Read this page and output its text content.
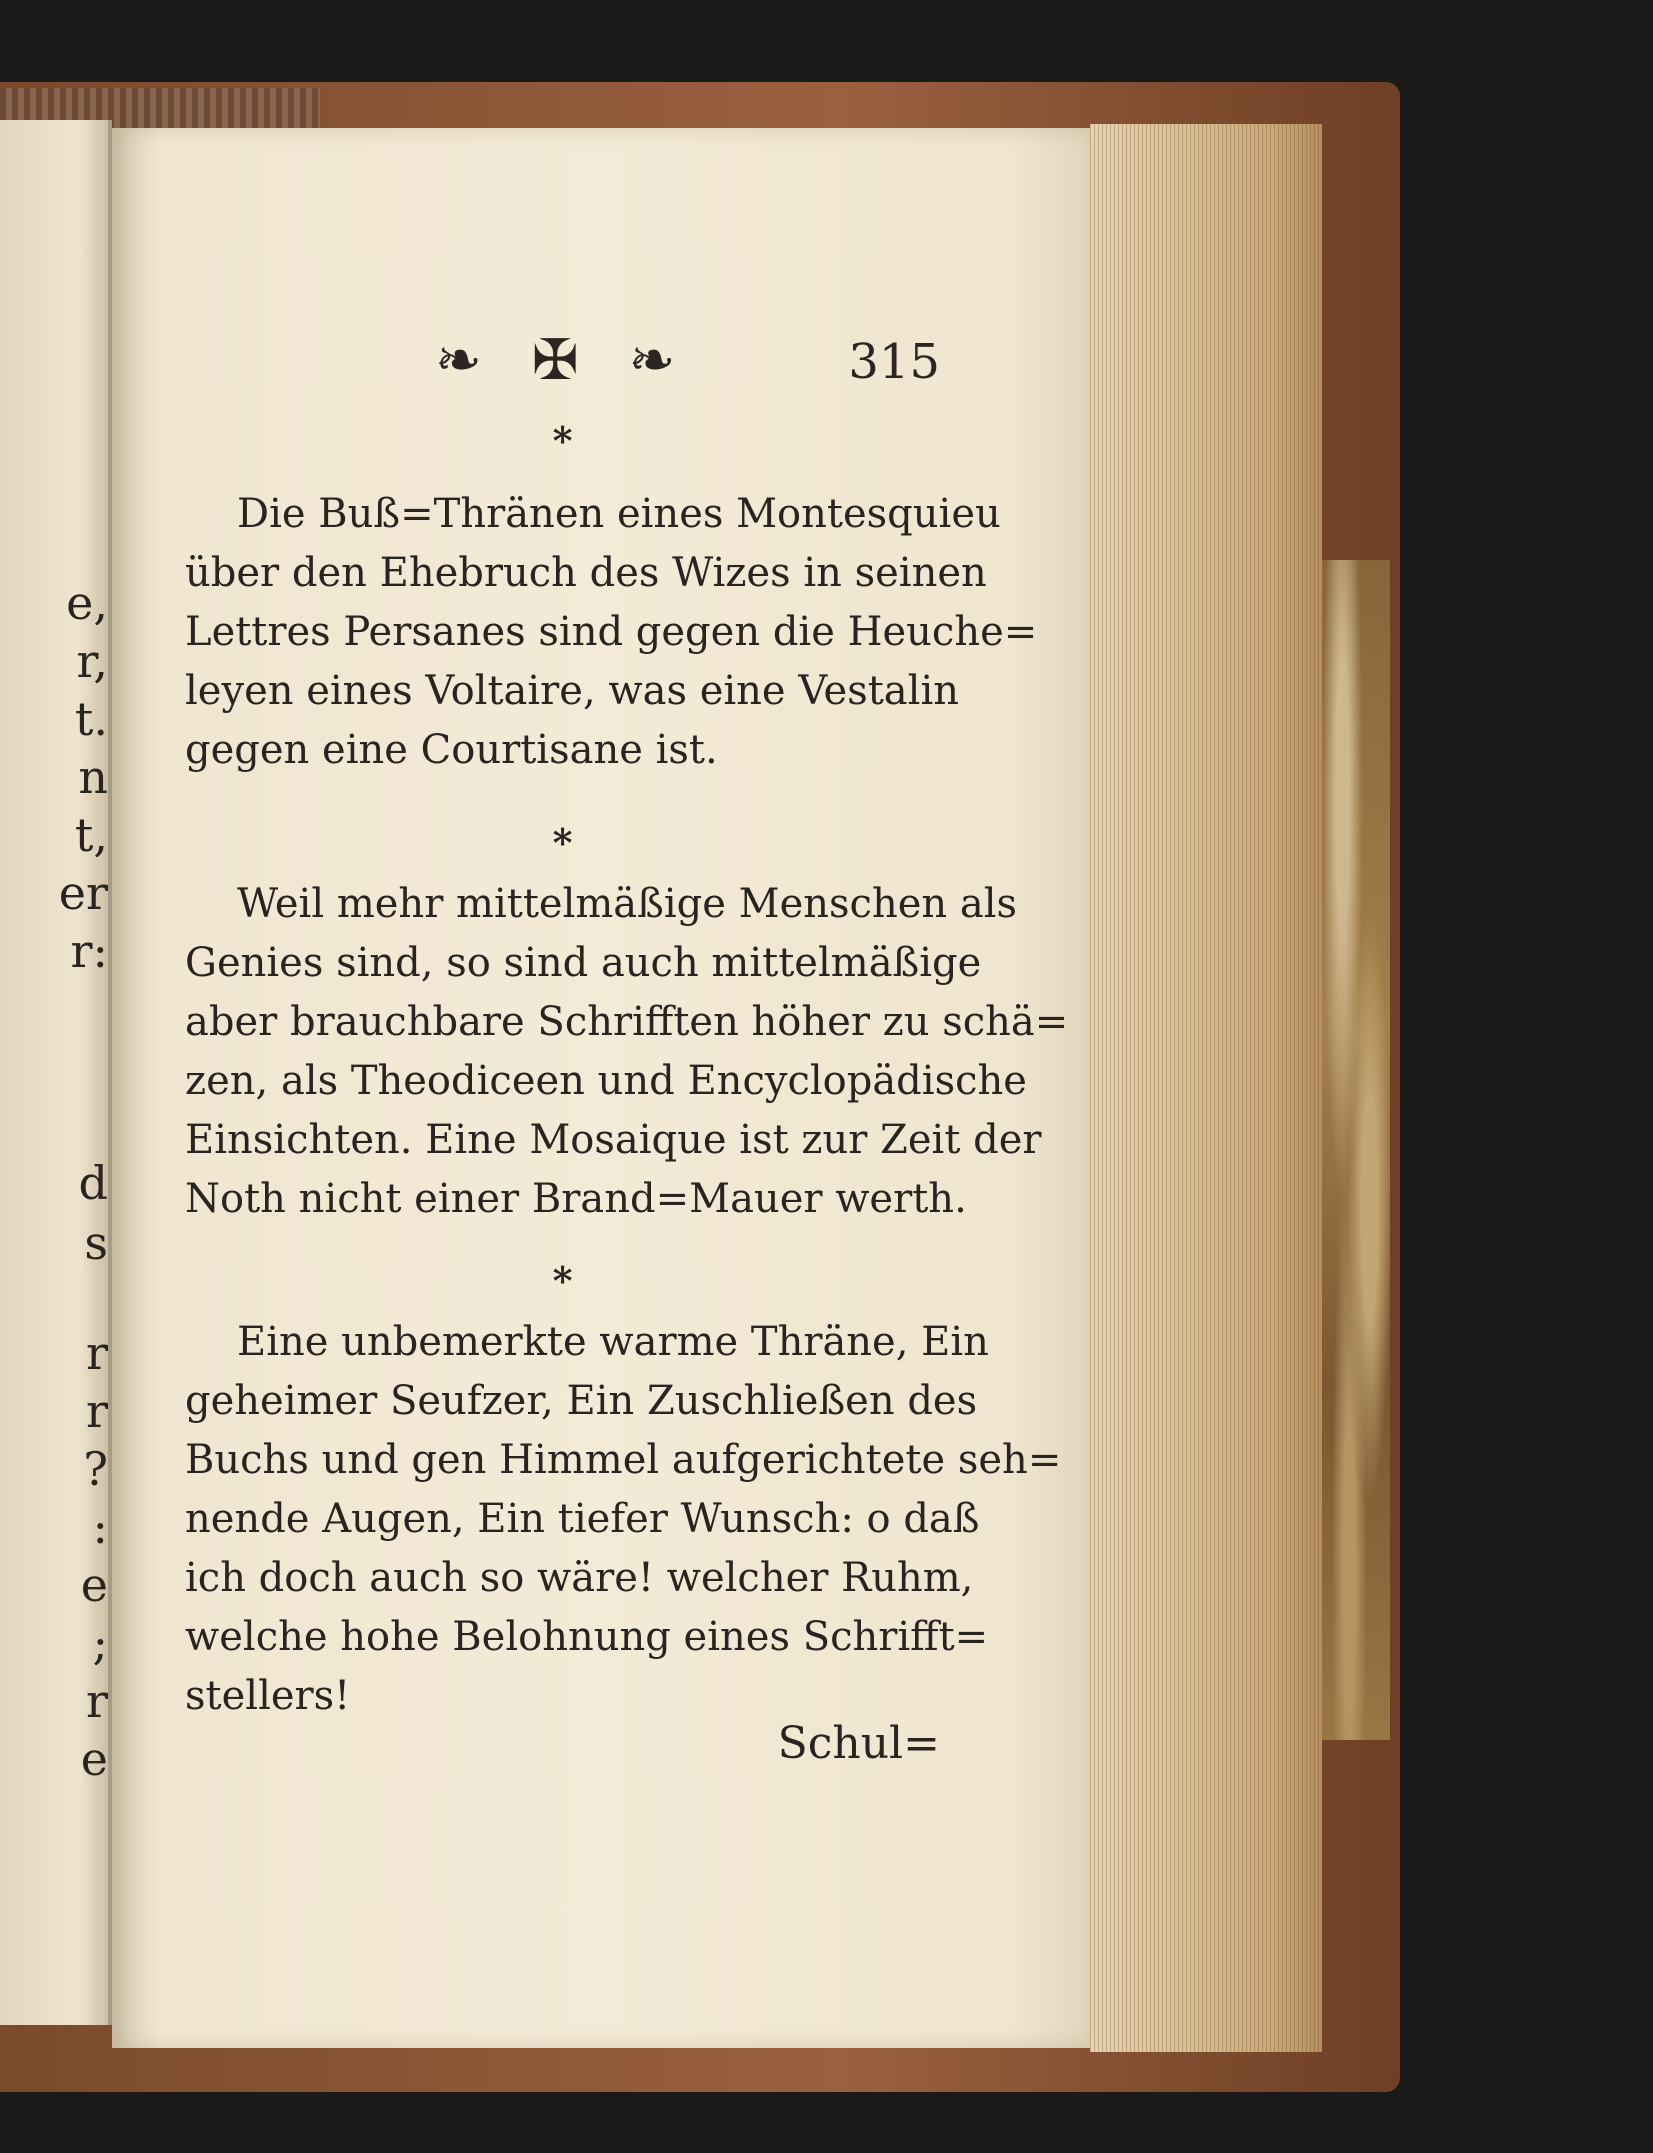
e,
r,
t.
n
t,
er
r:
d
s
r
r
?
:
e
;
r
e
❧ ✠ ❧	315
*
Die Buß=Thränen eines Montesquieu
über den Ehebruch des Wizes in seinen
Lettres Persanes sind gegen die Heuche=
leyen eines Voltaire, was eine Vestalin
gegen eine Courtisane ist.
*
Weil mehr mittelmäßige Menschen als
Genies sind, so sind auch mittelmäßige
aber brauchbare Schrifften höher zu schä=
zen, als Theodiceen und Encyclopädische
Einsichten. Eine Mosaique ist zur Zeit der
Noth nicht einer Brand=Mauer werth.
*
Eine unbemerkte warme Thräne, Ein
geheimer Seufzer, Ein Zuschließen des
Buchs und gen Himmel aufgerichtete seh=
nende Augen, Ein tiefer Wunsch: o daß
ich doch auch so wäre! welcher Ruhm,
welche hohe Belohnung eines Schrifft=
stellers!
Schul=
